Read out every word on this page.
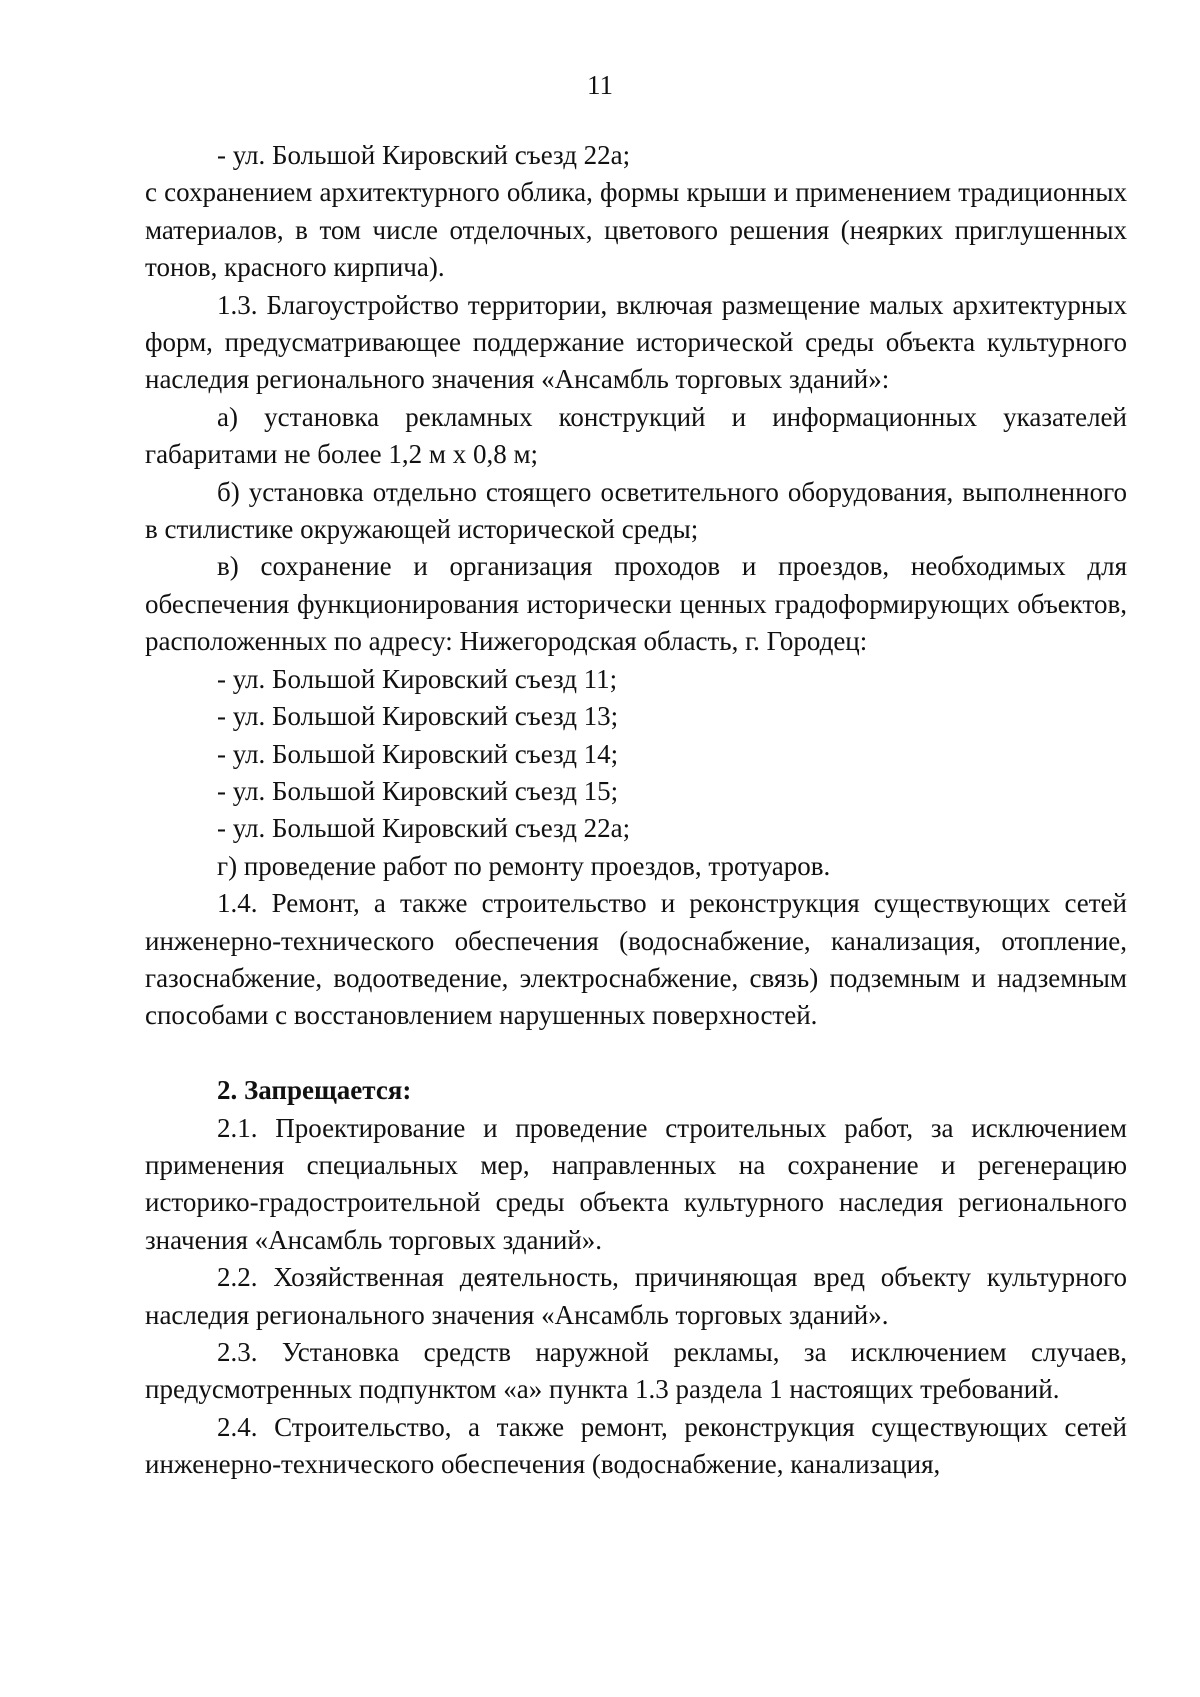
11
- ул. Большой Кировский съезд 22а;

с сохранением архитектурного облика, формы крыши и применением традиционных материалов, в том числе отделочных, цветового решения (неярких приглушенных тонов, красного кирпича).

1.3. Благоустройство территории, включая размещение малых архитектурных форм, предусматривающее поддержание исторической среды объекта культурного наследия регионального значения «Ансамбль торговых зданий»:

а) установка рекламных конструкций и информационных указателей габаритами не более 1,2 м х 0,8 м;

б) установка отдельно стоящего осветительного оборудования, выполненного в стилистике окружающей исторической среды;

в) сохранение и организация проходов и проездов, необходимых для обеспечения функционирования исторически ценных градоформирующих объектов, расположенных по адресу: Нижегородская область, г. Городец:

- ул. Большой Кировский съезд 11;
- ул. Большой Кировский съезд 13;
- ул. Большой Кировский съезд 14;
- ул. Большой Кировский съезд 15;
- ул. Большой Кировский съезд 22а;

г) проведение работ по ремонту проездов, тротуаров.

1.4. Ремонт, а также строительство и реконструкция существующих сетей инженерно-технического обеспечения (водоснабжение, канализация, отопление, газоснабжение, водоотведение, электроснабжение, связь) подземным и надземным способами с восстановлением нарушенных поверхностей.

2. Запрещается:

2.1. Проектирование и проведение строительных работ, за исключением применения специальных мер, направленных на сохранение и регенерацию историко-градостроительной среды объекта культурного наследия регионального значения «Ансамбль торговых зданий».

2.2. Хозяйственная деятельность, причиняющая вред объекту культурного наследия регионального значения «Ансамбль торговых зданий».

2.3. Установка средств наружной рекламы, за исключением случаев, предусмотренных подпунктом «а» пункта 1.3 раздела 1 настоящих требований.

2.4. Строительство, а также ремонт, реконструкция существующих сетей инженерно-технического обеспечения (водоснабжение, канализация,
